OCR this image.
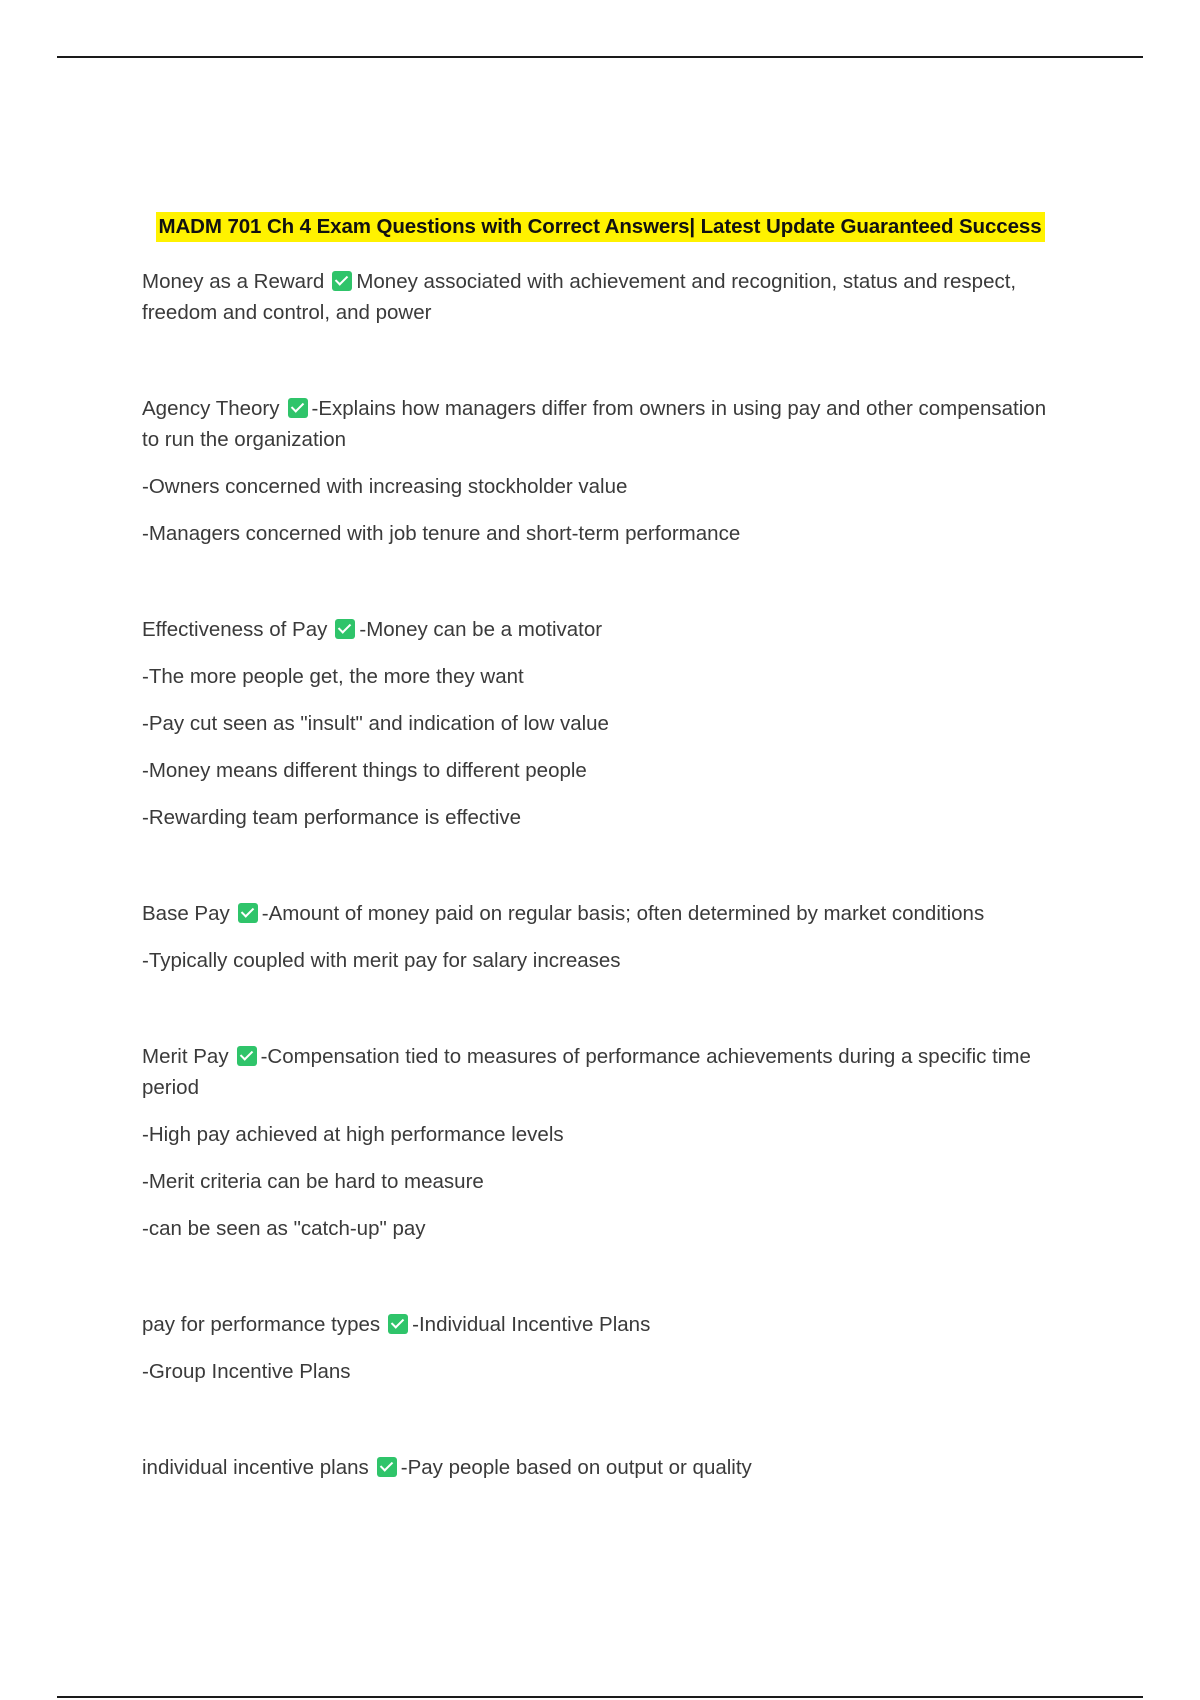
MADM 701 Ch 4 Exam Questions with Correct Answers| Latest Update Guaranteed Success
Money as a Reward Money associated with achievement and recognition, status and respect, freedom and control, and power
Agency Theory -Explains how managers differ from owners in using pay and other compensation to run the organization
-Owners concerned with increasing stockholder value
-Managers concerned with job tenure and short-term performance
Effectiveness of Pay -Money can be a motivator
-The more people get, the more they want
-Pay cut seen as "insult" and indication of low value
-Money means different things to different people
-Rewarding team performance is effective
Base Pay -Amount of money paid on regular basis; often determined by market conditions
-Typically coupled with merit pay for salary increases
Merit Pay -Compensation tied to measures of performance achievements during a specific time period
-High pay achieved at high performance levels
-Merit criteria can be hard to measure
-can be seen as "catch-up" pay
pay for performance types -Individual Incentive Plans
-Group Incentive Plans
individual incentive plans -Pay people based on output or quality
